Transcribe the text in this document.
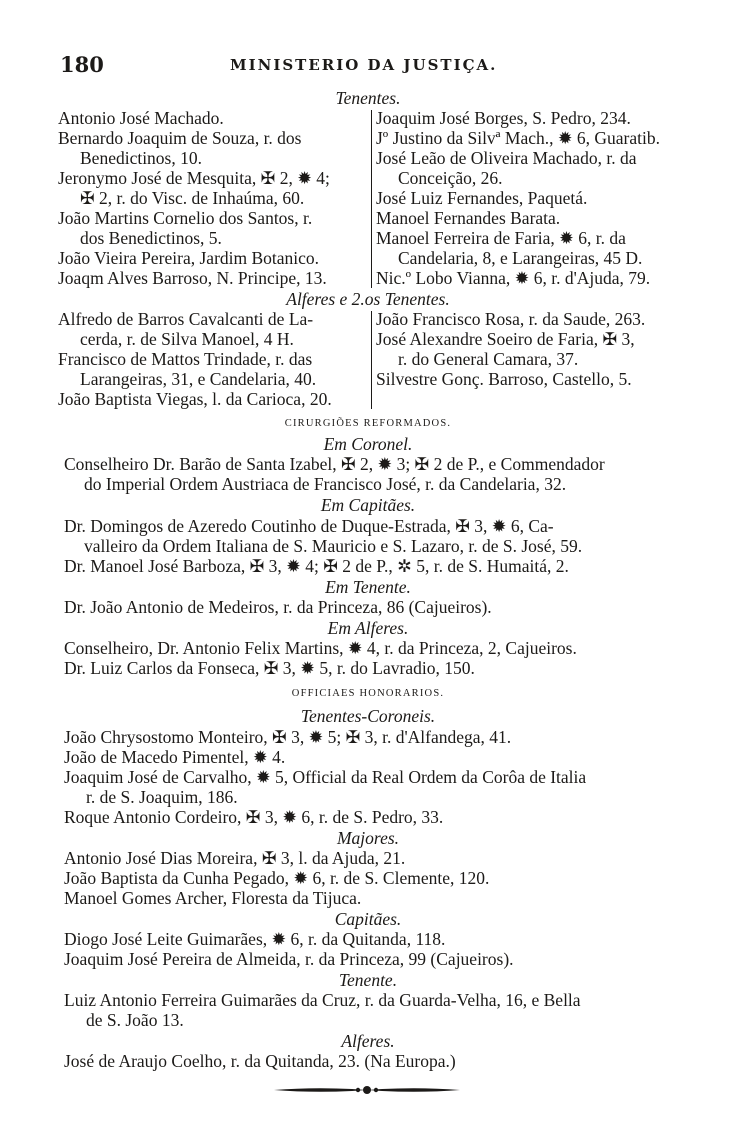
180	MINISTERIO DA JUSTIÇA.
Tenentes.
Antonio José Machado.
Bernardo Joaquim de Souza, r. dos
Benedictinos, 10.
Jeronymo José de Mesquita, ✠ 2, ✹ 4;
✠ 2, r. do Visc. de Inhaúma, 60.
João Martins Cornelio dos Santos, r.
dos Benedictinos, 5.
João Vieira Pereira, Jardim Botanico.
Joaqm Alves Barroso, N. Principe, 13.
Joaquim José Borges, S. Pedro, 234.
Jº Justino da Silvª Mach., ✹ 6, Guaratib.
José Leão de Oliveira Machado, r. da
Conceição, 26.
José Luiz Fernandes, Paquetá.
Manoel Fernandes Barata.
Manoel Ferreira de Faria, ✹ 6, r. da
Candelaria, 8, e Larangeiras, 45 D.
Nic.º Lobo Vianna, ✹ 6, r. d'Ajuda, 79.
Alferes e 2.os Tenentes.
Alfredo de Barros Cavalcanti de La-
cerda, r. de Silva Manoel, 4 H.
Francisco de Mattos Trindade, r. das
Larangeiras, 31, e Candelaria, 40.
João Baptista Viegas, l. da Carioca, 20.
João Francisco Rosa, r. da Saude, 263.
José Alexandre Soeiro de Faria, ✠ 3,
r. do General Camara, 37.
Silvestre Gonç. Barroso, Castello, 5.
CIRURGIÕES REFORMADOS.
Em Coronel.
Conselheiro Dr. Barão de Santa Izabel, ✠ 2, ✹ 3; ✠ 2 de P., e Commendador
do Imperial Ordem Austriaca de Francisco José, r. da Candelaria, 32.
Em Capitães.
Dr. Domingos de Azeredo Coutinho de Duque-Estrada, ✠ 3, ✹ 6, Ca-
valleiro da Ordem Italiana de S. Mauricio e S. Lazaro, r. de S. José, 59.
Dr. Manoel José Barboza, ✠ 3, ✹ 4; ✠ 2 de P., ✲ 5, r. de S. Humaitá, 2.
Em Tenente.
Dr. João Antonio de Medeiros, r. da Princeza, 86 (Cajueiros).
Em Alferes.
Conselheiro, Dr. Antonio Felix Martins, ✹ 4, r. da Princeza, 2, Cajueiros.
Dr. Luiz Carlos da Fonseca, ✠ 3, ✹ 5, r. do Lavradio, 150.
OFFICIAES HONORARIOS.
Tenentes-Coroneis.
João Chrysostomo Monteiro, ✠ 3, ✹ 5; ✠ 3, r. d'Alfandega, 41.
João de Macedo Pimentel, ✹ 4.
Joaquim José de Carvalho, ✹ 5, Official da Real Ordem da Corôa de Italia
r. de S. Joaquim, 186.
Roque Antonio Cordeiro, ✠ 3, ✹ 6, r. de S. Pedro, 33.
Majores.
Antonio José Dias Moreira, ✠ 3, l. da Ajuda, 21.
João Baptista da Cunha Pegado, ✹ 6, r. de S. Clemente, 120.
Manoel Gomes Archer, Floresta da Tijuca.
Capitães.
Diogo José Leite Guimarães, ✹ 6, r. da Quitanda, 118.
Joaquim José Pereira de Almeida, r. da Princeza, 99 (Cajueiros).
Tenente.
Luiz Antonio Ferreira Guimarães da Cruz, r. da Guarda-Velha, 16, e Bella
de S. João 13.
Alferes.
José de Araujo Coelho, r. da Quitanda, 23. (Na Europa.)
